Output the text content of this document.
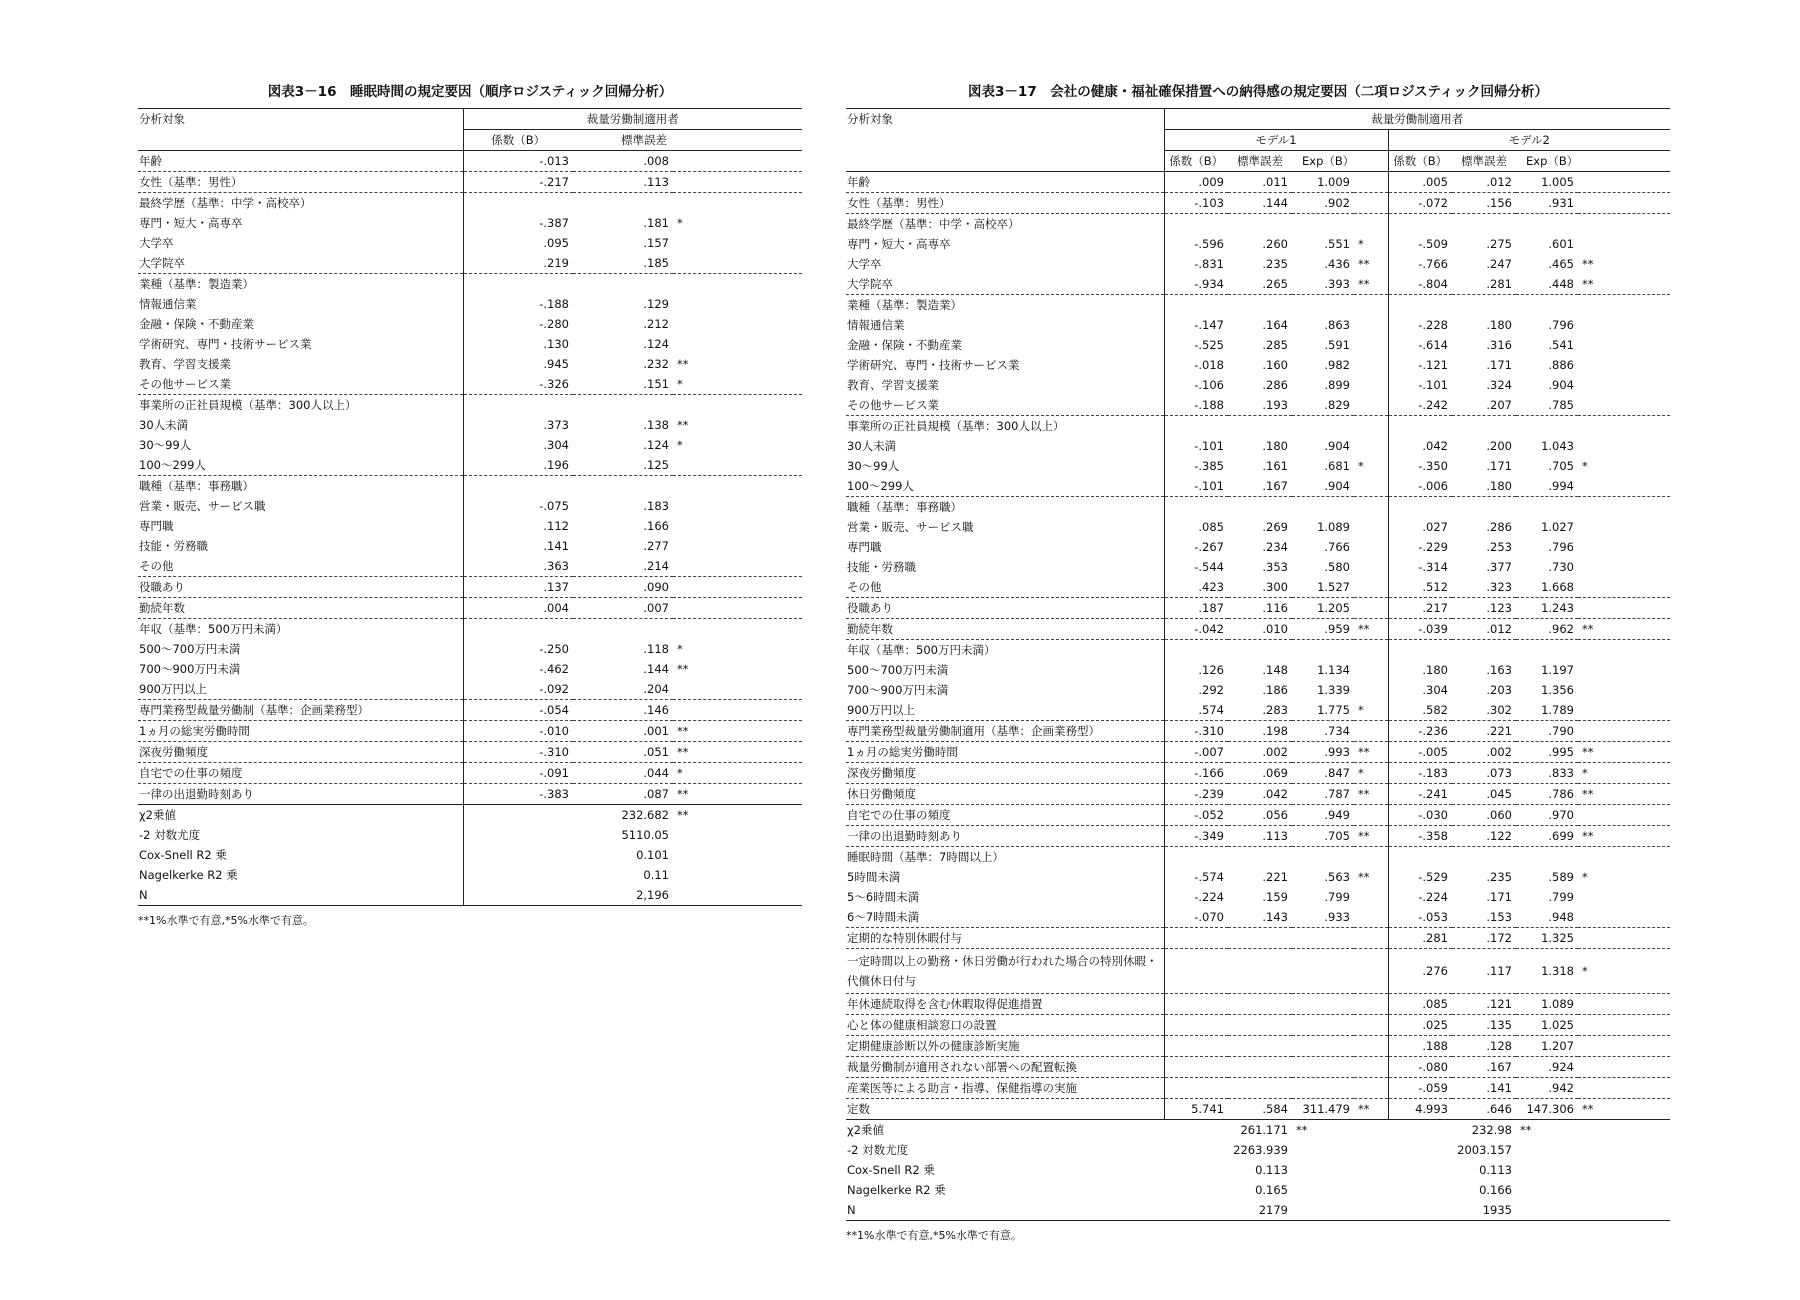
図表3－16　睡眠時間の規定要因（順序ロジスティック回帰分析）
分析対象	裁量労働制適用者		
	係数（B）	標準誤差	
年齢	-.013	.008	
女性（基準：男性）	-.217	.113	
最終学歴（基準：中学・高校卒）			
専門・短大・高専卒	-.387	.181	*
大学卒	.095	.157	
大学院卒	.219	.185	
業種（基準：製造業）			
情報通信業	-.188	.129	
金融・保険・不動産業	-.280	.212	
学術研究、専門・技術サービス業	.130	.124	
教育、学習支援業	.945	.232	**
その他サービス業	-.326	.151	*
事業所の正社員規模（基準：300人以上）			
30人未満	.373	.138	**
30～99人	.304	.124	*
100～299人	.196	.125	
職種（基準：事務職）			
営業・販売、サービス職	-.075	.183	
専門職	.112	.166	
技能・労務職	.141	.277	
その他	.363	.214	
役職あり	.137	.090	
勤続年数	.004	.007	
年収（基準：500万円未満）			
500～700万円未満	-.250	.118	*
700～900万円未満	-.462	.144	**
900万円以上	-.092	.204	
専門業務型裁量労働制（基準：企画業務型）	-.054	.146	
1ヵ月の総実労働時間	-.010	.001	**
深夜労働頻度	-.310	.051	**
自宅での仕事の頻度	-.091	.044	*
一律の出退勤時刻あり	-.383	.087	**
χ2乗値		232.682	**
-2 対数尤度		5110.05	
Cox-Snell R2 乗		0.101	
Nagelkerke R2 乗		0.11	
N		2,196	
**1%水準で有意,*5%水準で有意。
図表3－17　会社の健康・福祉確保措置への納得感の規定要因（二項ロジスティック回帰分析）
分析対象	裁量労働制適用者							
	モデル1				モデル2			
	係数（B）	標準誤差	Exp（B）		係数（B）	標準誤差	Exp（B）	
年齢	.009	.011	1.009		.005	.012	1.005	
女性（基準：男性）	-.103	.144	.902		-.072	.156	.931	
最終学歴（基準：中学・高校卒）								
専門・短大・高専卒	-.596	.260	.551	*	-.509	.275	.601	
大学卒	-.831	.235	.436	**	-.766	.247	.465	**
大学院卒	-.934	.265	.393	**	-.804	.281	.448	**
業種（基準：製造業）								
情報通信業	-.147	.164	.863		-.228	.180	.796	
金融・保険・不動産業	-.525	.285	.591		-.614	.316	.541	
学術研究、専門・技術サービス業	-.018	.160	.982		-.121	.171	.886	
教育、学習支援業	-.106	.286	.899		-.101	.324	.904	
その他サービス業	-.188	.193	.829		-.242	.207	.785	
事業所の正社員規模（基準：300人以上）								
30人未満	-.101	.180	.904		.042	.200	1.043	
30～99人	-.385	.161	.681	*	-.350	.171	.705	*
100～299人	-.101	.167	.904		-.006	.180	.994	
職種（基準：事務職）								
営業・販売、サービス職	.085	.269	1.089		.027	.286	1.027	
専門職	-.267	.234	.766		-.229	.253	.796	
技能・労務職	-.544	.353	.580		-.314	.377	.730	
その他	.423	.300	1.527		.512	.323	1.668	
役職あり	.187	.116	1.205		.217	.123	1.243	
勤続年数	-.042	.010	.959	**	-.039	.012	.962	**
年収（基準：500万円未満）								
500～700万円未満	.126	.148	1.134		.180	.163	1.197	
700～900万円未満	.292	.186	1.339		.304	.203	1.356	
900万円以上	.574	.283	1.775	*	.582	.302	1.789	
専門業務型裁量労働制適用（基準：企画業務型）	-.310	.198	.734		-.236	.221	.790	
1ヵ月の総実労働時間	-.007	.002	.993	**	-.005	.002	.995	**
深夜労働頻度	-.166	.069	.847	*	-.183	.073	.833	*
休日労働頻度	-.239	.042	.787	**	-.241	.045	.786	**
自宅での仕事の頻度	-.052	.056	.949		-.030	.060	.970	
一律の出退勤時刻あり	-.349	.113	.705	**	-.358	.122	.699	**
睡眠時間（基準：7時間以上）								
5時間未満	-.574	.221	.563	**	-.529	.235	.589	*
5～6時間未満	-.224	.159	.799		-.224	.171	.799	
6～7時間未満	-.070	.143	.933		-.053	.153	.948	
定期的な特別休暇付与					.281	.172	1.325	
一定時間以上の勤務・休日労働が行われた場合の特別休暇・代償休日付与					.276	.117	1.318	*
年休連続取得を含む休暇取得促進措置					.085	.121	1.089	
心と体の健康相談窓口の設置					.025	.135	1.025	
定期健康診断以外の健康診断実施					.188	.128	1.207	
裁量労働制が適用されない部署への配置転換					-.080	.167	.924	
産業医等による助言・指導、保健指導の実施					-.059	.141	.942	
定数	5.741	.584	311.479	**	4.993	.646	147.306	**
χ2乗値	261.171		**		232.98		**	
-2 対数尤度	2263.939				2003.157			
Cox-Snell R2 乗	0.113				0.113			
Nagelkerke R2 乗	0.165				0.166			
N	2179				1935			
**1%水準で有意,*5%水準で有意。
